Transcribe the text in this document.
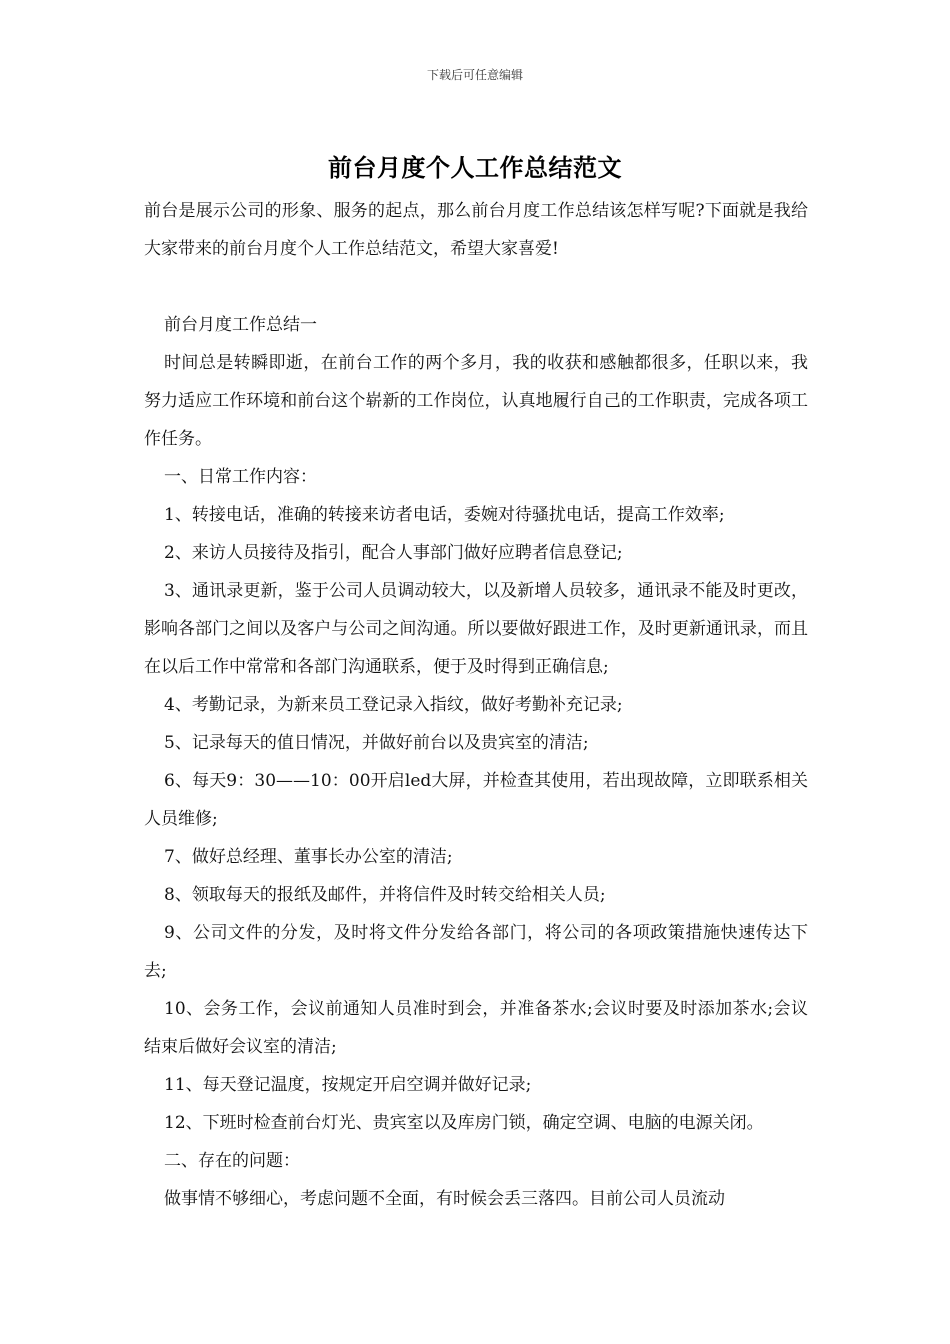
下载后可任意编辑
前台月度个人工作总结范文

前台是展示公司的形象、服务的起点，那么前台月度工作总结该怎样写呢?下面就是我给大家带来的前台月度个人工作总结范文，希望大家喜爱!

前台月度工作总结一

时间总是转瞬即逝，在前台工作的两个多月，我的收获和感触都很多，任职以来，我努力适应工作环境和前台这个崭新的工作岗位，认真地履行自己的工作职责，完成各项工作任务。

一、日常工作内容：

1、转接电话，准确的转接来访者电话，委婉对待骚扰电话，提高工作效率;

2、来访人员接待及指引，配合人事部门做好应聘者信息登记;

3、通讯录更新，鉴于公司人员调动较大，以及新增人员较多，通讯录不能及时更改，影响各部门之间以及客户与公司之间沟通。所以要做好跟进工作，及时更新通讯录，而且在以后工作中常常和各部门沟通联系，便于及时得到正确信息;

4、考勤记录，为新来员工登记录入指纹，做好考勤补充记录;

5、记录每天的值日情况，并做好前台以及贵宾室的清洁;

6、每天9：30——10：00开启led大屏，并检查其使用，若出现故障，立即联系相关人员维修;

7、做好总经理、董事长办公室的清洁;

8、领取每天的报纸及邮件，并将信件及时转交给相关人员;

9、公司文件的分发，及时将文件分发给各部门，将公司的各项政策措施快速传达下去;

10、会务工作，会议前通知人员准时到会，并准备茶水;会议时要及时添加茶水;会议结束后做好会议室的清洁;

11、每天登记温度，按规定开启空调并做好记录;

12、下班时检查前台灯光、贵宾室以及库房门锁，确定空调、电脑的电源关闭。

二、存在的问题：

做事情不够细心，考虑问题不全面，有时候会丢三落四。目前公司人员流动
